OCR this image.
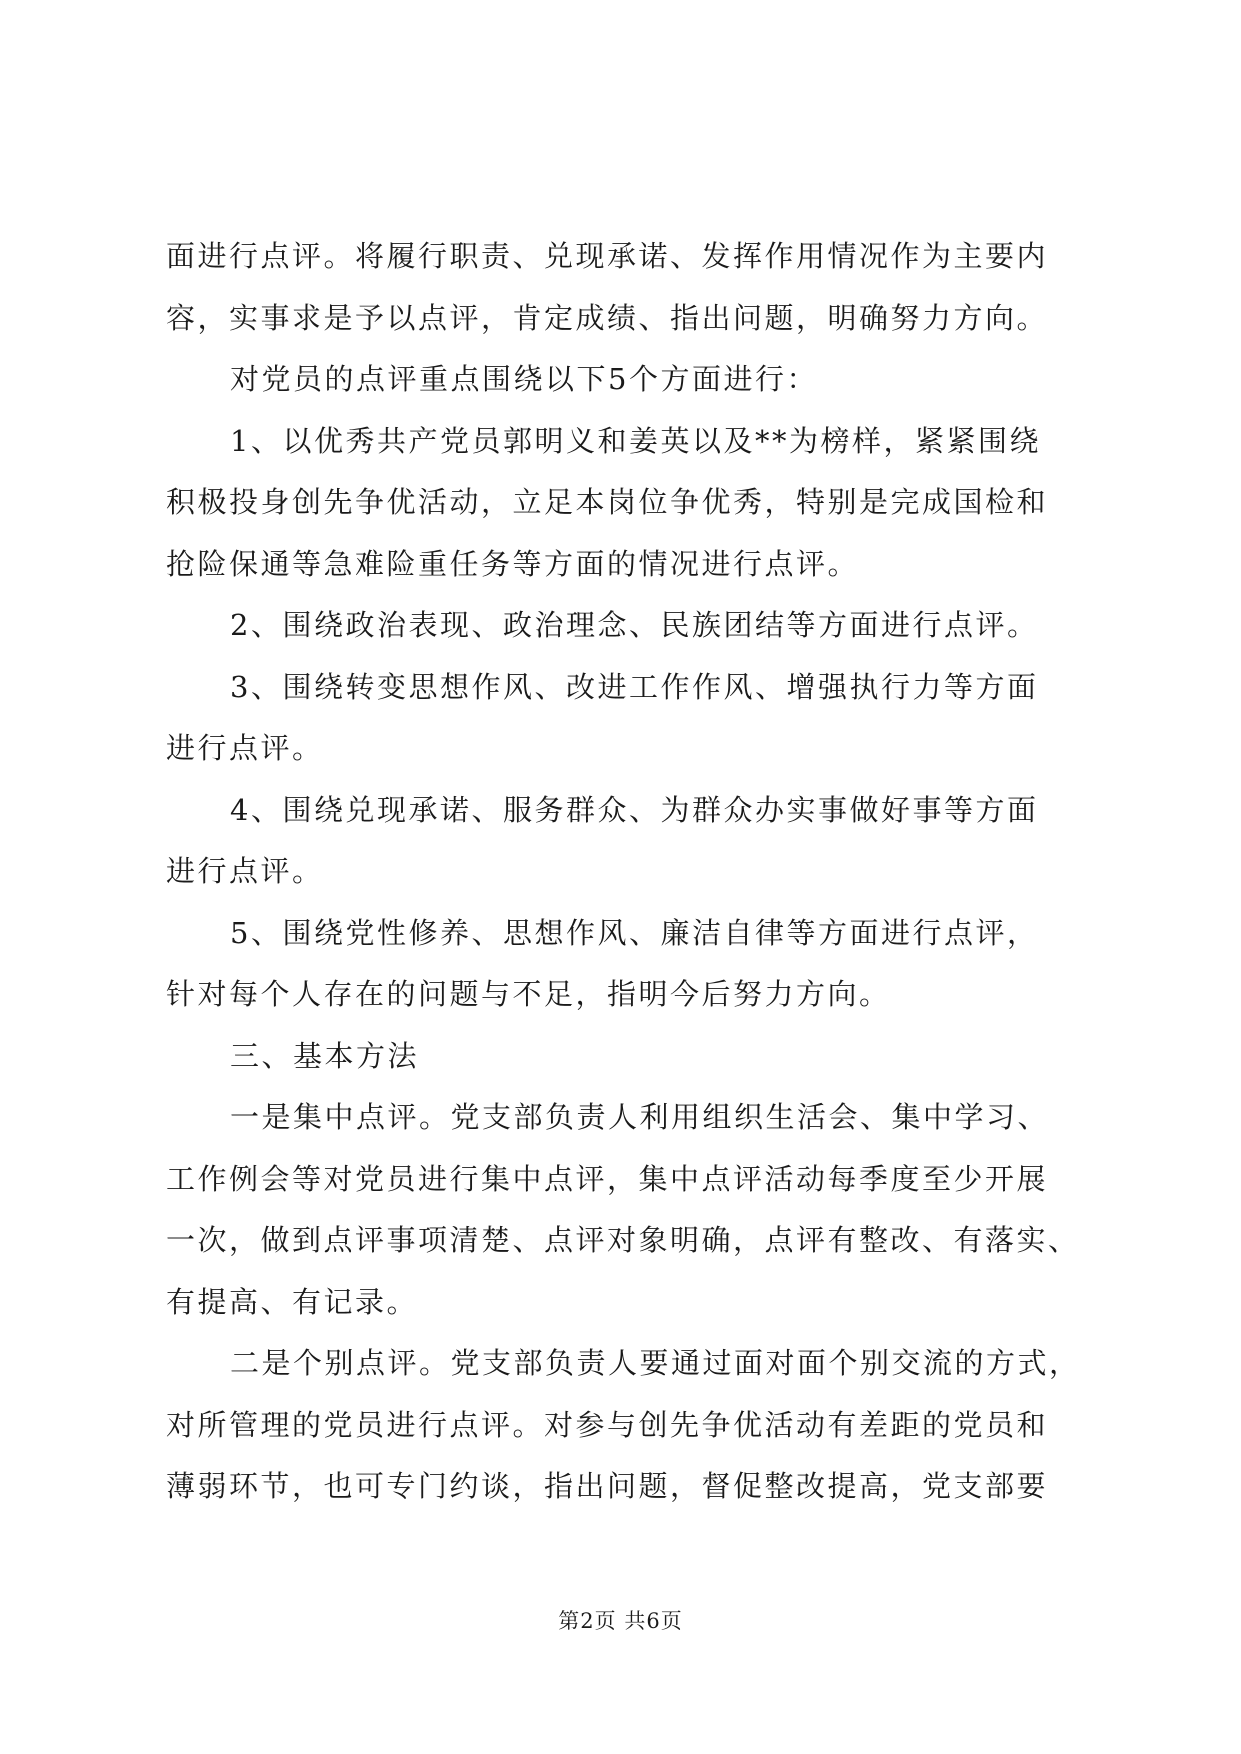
面进行点评。将履行职责、兑现承诺、发挥作用情况作为主要内
容，实事求是予以点评，肯定成绩、指出问题，明确努力方向。
对党员的点评重点围绕以下5个方面进行：
1、以优秀共产党员郭明义和姜英以及**为榜样，紧紧围绕
积极投身创先争优活动，立足本岗位争优秀，特别是完成国检和
抢险保通等急难险重任务等方面的情况进行点评。
2、围绕政治表现、政治理念、民族团结等方面进行点评。
3、围绕转变思想作风、改进工作作风、增强执行力等方面
进行点评。
4、围绕兑现承诺、服务群众、为群众办实事做好事等方面
进行点评。
5、围绕党性修养、思想作风、廉洁自律等方面进行点评，
针对每个人存在的问题与不足，指明今后努力方向。
三、基本方法
一是集中点评。党支部负责人利用组织生活会、集中学习、
工作例会等对党员进行集中点评，集中点评活动每季度至少开展
一次，做到点评事项清楚、点评对象明确，点评有整改、有落实、
有提高、有记录。
二是个别点评。党支部负责人要通过面对面个别交流的方式，
对所管理的党员进行点评。对参与创先争优活动有差距的党员和
薄弱环节，也可专门约谈，指出问题，督促整改提高，党支部要
第2页 共6页
